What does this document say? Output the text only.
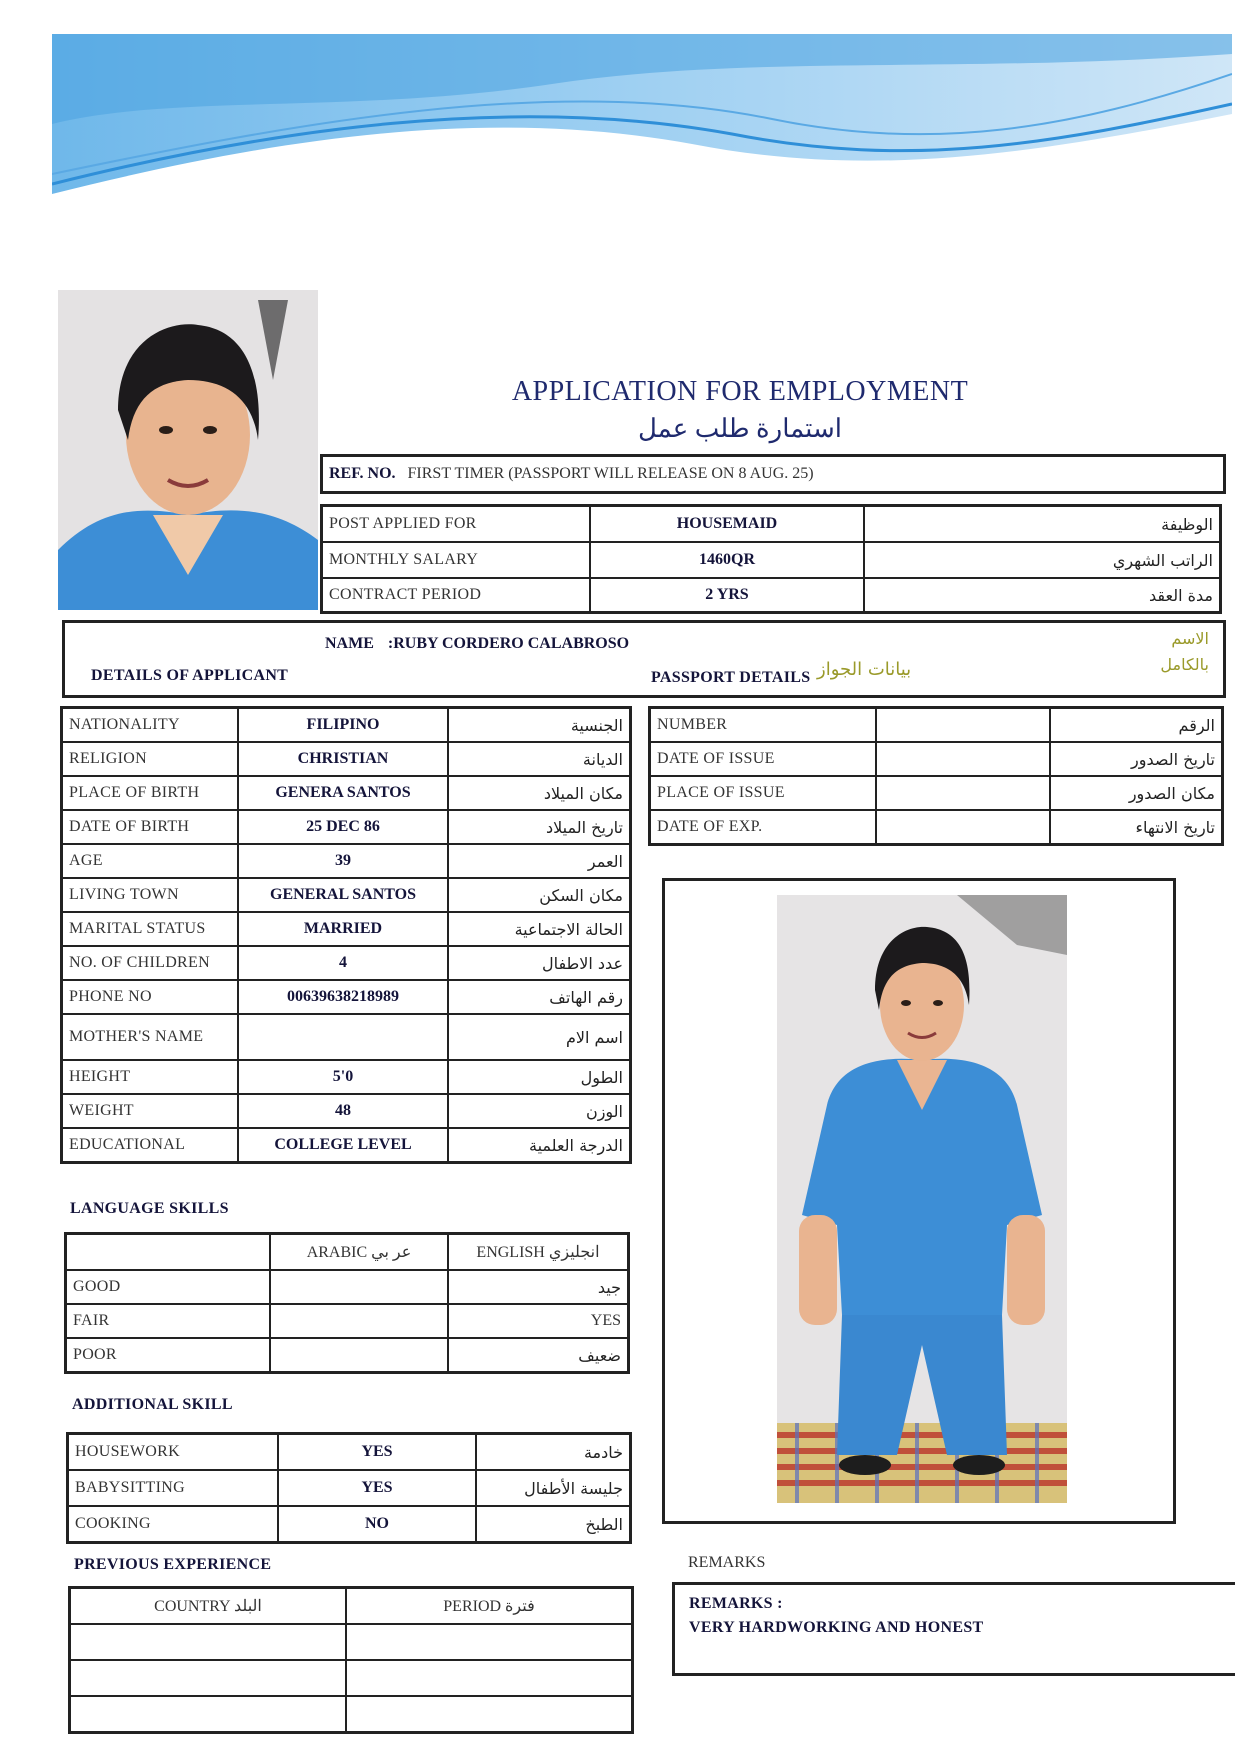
APPLICATION FOR EMPLOYMENT
استمارة طلب عمل
REF. NO. FIRST TIMER (PASSPORT WILL RELEASE ON 8 AUG. 25)
POST APPLIED FOR	HOUSEMAID	الوظيفة
MONTHLY SALARY	1460QR	الراتب الشهري
CONTRACT PERIOD	2 YRS	مدة العقد
NAME :RUBY CORDERO CALABROSO
DETAILS OF APPLICANT	PASSPORT DETAILS بيانات الجواز
الاسم
بالكامل
NATIONALITY	FILIPINO	الجنسية
RELIGION	CHRISTIAN	الديانة
PLACE OF BIRTH	GENERA SANTOS	مكان الميلاد
DATE OF BIRTH	25 DEC 86	تاريخ الميلاد
AGE	39	العمر
LIVING TOWN	GENERAL SANTOS	مكان السكن
MARITAL STATUS	MARRIED	الحالة الاجتماعية
NO. OF CHILDREN	4	عدد الاطفال
PHONE NO	00639638218989	رقم الهاتف
MOTHER'S NAME		اسم الام
HEIGHT	5'0	الطول
WEIGHT	48	الوزن
EDUCATIONAL	COLLEGE LEVEL	الدرجة العلمية
NUMBER		الرقم
DATE OF ISSUE		تاريخ الصدور
PLACE OF ISSUE		مكان الصدور
DATE OF EXP.		تاريخ الانتهاء
LANGUAGE SKILLS
	ARABIC عر بي	ENGLISH انجليزي
GOOD		جيد
FAIR		YES
POOR		ضعيف
ADDITIONAL SKILL
HOUSEWORK	YES	خادمة
BABYSITTING	YES	جليسة الأطفال
COOKING	NO	الطبخ
PREVIOUS EXPERIENCE
COUNTRY البلد	PERIOD فترة

REMARKS
REMARKS :
VERY HARDWORKING AND HONEST
